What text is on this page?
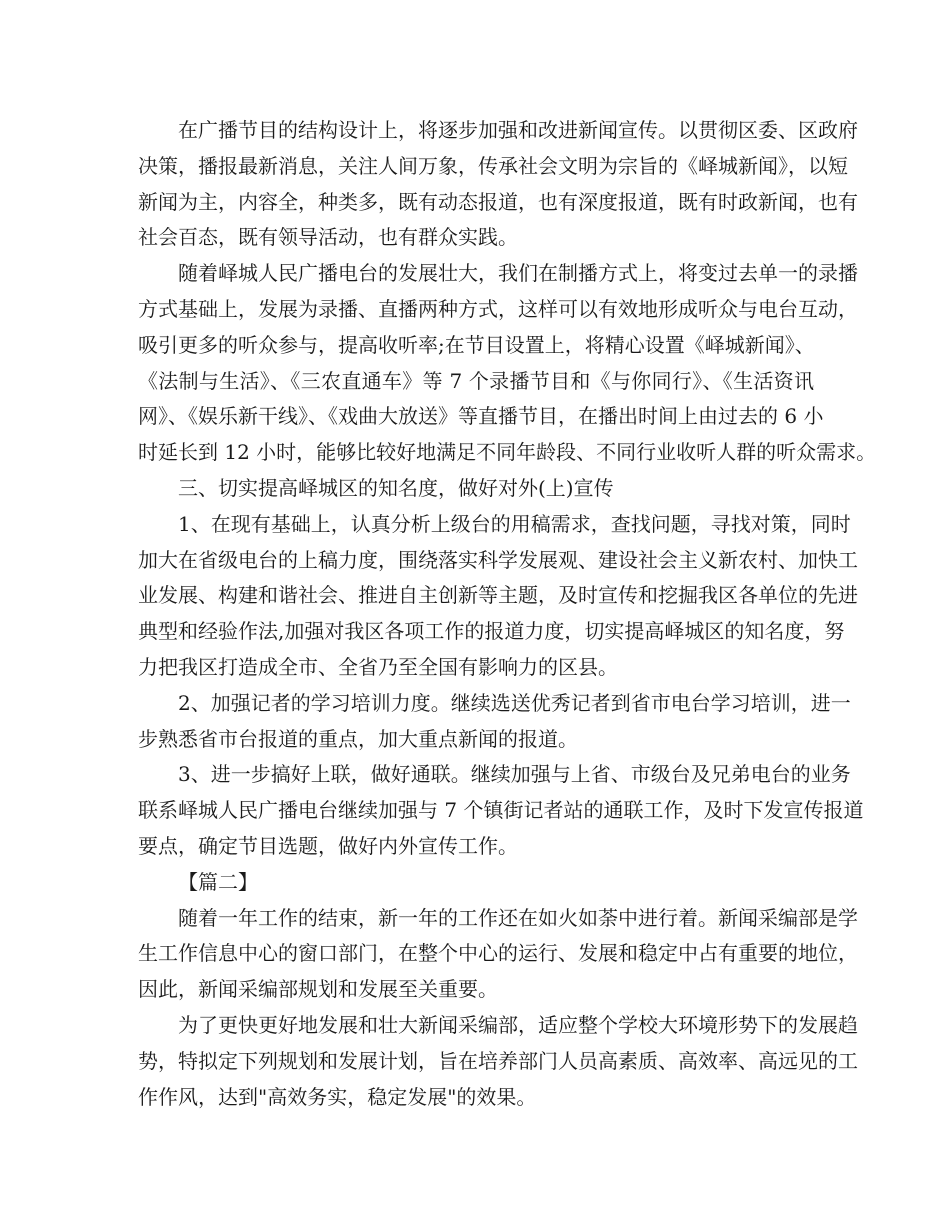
在广播节目的结构设计上，将逐步加强和改进新闻宣传。以贯彻区委、区政府
决策，播报最新消息，关注人间万象，传承社会文明为宗旨的《峄城新闻》，以短
新闻为主，内容全，种类多，既有动态报道，也有深度报道，既有时政新闻，也有
社会百态，既有领导活动，也有群众实践。
随着峄城人民广播电台的发展壮大，我们在制播方式上，将变过去单一的录播
方式基础上，发展为录播、直播两种方式，这样可以有效地形成听众与电台互动，
吸引更多的听众参与，提高收听率;在节目设置上，将精心设置《峄城新闻》、
《法制与生活》、《三农直通车》等 7 个录播节目和《与你同行》、《生活资讯
网》、《娱乐新干线》、《戏曲大放送》等直播节目，在播出时间上由过去的 6 小
时延长到 12 小时，能够比较好地满足不同年龄段、不同行业收听人群的听众需求。
三、切实提高峄城区的知名度，做好对外(上)宣传
1、在现有基础上，认真分析上级台的用稿需求，查找问题，寻找对策，同时
加大在省级电台的上稿力度，围绕落实科学发展观、建设社会主义新农村、加快工
业发展、构建和谐社会、推进自主创新等主题，及时宣传和挖掘我区各单位的先进
典型和经验作法,加强对我区各项工作的报道力度，切实提高峄城区的知名度，努
力把我区打造成全市、全省乃至全国有影响力的区县。
2、加强记者的学习培训力度。继续选送优秀记者到省市电台学习培训，进一
步熟悉省市台报道的重点，加大重点新闻的报道。
3、进一步搞好上联，做好通联。继续加强与上省、市级台及兄弟电台的业务
联系峄城人民广播电台继续加强与 7 个镇街记者站的通联工作，及时下发宣传报道
要点，确定节目选题，做好内外宣传工作。
【篇二】
随着一年工作的结束，新一年的工作还在如火如荼中进行着。新闻采编部是学
生工作信息中心的窗口部门，在整个中心的运行、发展和稳定中占有重要的地位，
因此，新闻采编部规划和发展至关重要。
为了更快更好地发展和壮大新闻采编部，适应整个学校大环境形势下的发展趋
势，特拟定下列规划和发展计划，旨在培养部门人员高素质、高效率、高远见的工
作作风，达到"高效务实，稳定发展"的效果。
